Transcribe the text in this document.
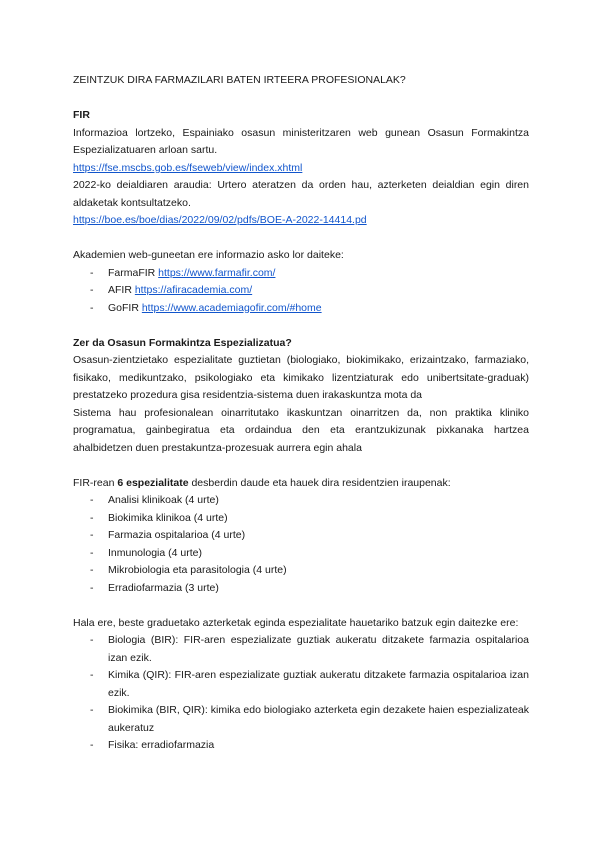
ZEINTZUK DIRA FARMAZILARI BATEN IRTEERA PROFESIONALAK?

FIR

Informazioa lortzeko, Espainiako osasun ministeritzaren web gunean Osasun Formakintza Espezializatuaren arloan sartu.

https://fse.mscbs.gob.es/fseweb/view/index.xhtml

2022-ko deialdiaren araudia: Urtero ateratzen da orden hau, azterketen deialdian egin diren aldaketak kontsultatzeko.

https://boe.es/boe/dias/2022/09/02/pdfs/BOE-A-2022-14414.pd

Akademien web-guneetan ere informazio asko lor daiteke:

- FarmaFIR https://www.farmafir.com/
- AFIR https://afiracademia.com/
- GoFIR https://www.academiagofir.com/#home

Zer da Osasun Formakintza Espezializatua?

Osasun-zientzietako espezialitate guztietan (biologiako, biokimikako, erizaintzako, farmaziako, fisikako, medikuntzako, psikologiako eta kimikako lizentziaturak edo unibertsitate-graduak) prestatzeko prozedura gisa residentzia-sistema duen irakaskuntza mota da

Sistema hau profesionalean oinarritutako ikaskuntzan oinarritzen da, non praktika kliniko programatua, gainbegiratua eta ordaindua den eta erantzukizunak pixkanaka hartzea ahalbidetzen duen prestakuntza-prozesuak aurrera egin ahala

FIR-rean 6 espezialitate desberdin daude eta hauek dira residentzien iraupenak:

- Analisi klinikoak (4 urte)
- Biokimika klinikoa (4 urte)
- Farmazia ospitalarioa (4 urte)
- Inmunologia (4 urte)
- Mikrobiologia eta parasitologia (4 urte)
- Erradiofarmazia (3 urte)

Hala ere, beste graduetako azterketak eginda espezialitate hauetariko batzuk egin daitezke ere:

- Biologia (BIR): FIR-aren espezializate guztiak aukeratu ditzakete farmazia ospitalarioa izan ezik.
- Kimika (QIR): FIR-aren espezializate guztiak aukeratu ditzakete farmazia ospitalarioa izan ezik.
- Biokimika (BIR, QIR): kimika edo biologiako azterketa egin dezakete haien espezializateak aukeratuz
- Fisika: erradiofarmazia
